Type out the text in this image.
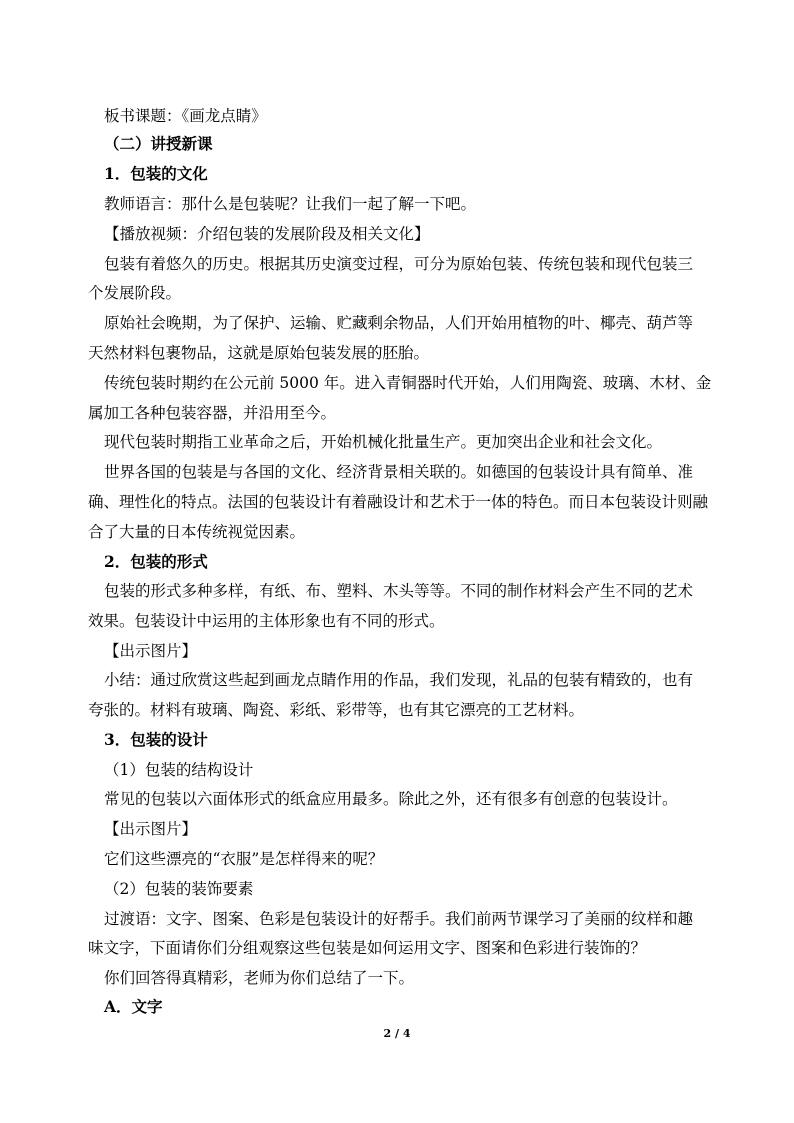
板书课题：《画龙点睛》
（二）讲授新课
1．包装的文化
教师语言：那什么是包装呢？让我们一起了解一下吧。
【播放视频：介绍包装的发展阶段及相关文化】
包装有着悠久的历史。根据其历史演变过程，可分为原始包装、传统包装和现代包装三
个发展阶段。
原始社会晚期，为了保护、运输、贮藏剩余物品，人们开始用植物的叶、椰壳、葫芦等
天然材料包裹物品，这就是原始包装发展的胚胎。
传统包装时期约在公元前 5000 年。进入青铜器时代开始，人们用陶瓷、玻璃、木材、金
属加工各种包装容器，并沿用至今。
现代包装时期指工业革命之后，开始机械化批量生产。更加突出企业和社会文化。
世界各国的包装是与各国的文化、经济背景相关联的。如德国的包装设计具有简单、准
确、理性化的特点。法国的包装设计有着融设计和艺术于一体的特色。而日本包装设计则融
合了大量的日本传统视觉因素。
2．包装的形式
包装的形式多种多样，有纸、布、塑料、木头等等。不同的制作材料会产生不同的艺术
效果。包装设计中运用的主体形象也有不同的形式。
【出示图片】
小结：通过欣赏这些起到画龙点睛作用的作品，我们发现，礼品的包装有精致的，也有
夸张的。材料有玻璃、陶瓷、彩纸、彩带等，也有其它漂亮的工艺材料。
3．包装的设计
（1）包装的结构设计
常见的包装以六面体形式的纸盒应用最多。除此之外，还有很多有创意的包装设计。
【出示图片】
它们这些漂亮的“衣服”是怎样得来的呢？
（2）包装的装饰要素
过渡语：文字、图案、色彩是包装设计的好帮手。我们前两节课学习了美丽的纹样和趣
味文字，下面请你们分组观察这些包装是如何运用文字、图案和色彩进行装饰的？
你们回答得真精彩，老师为你们总结了一下。
A．文字
2 / 4
